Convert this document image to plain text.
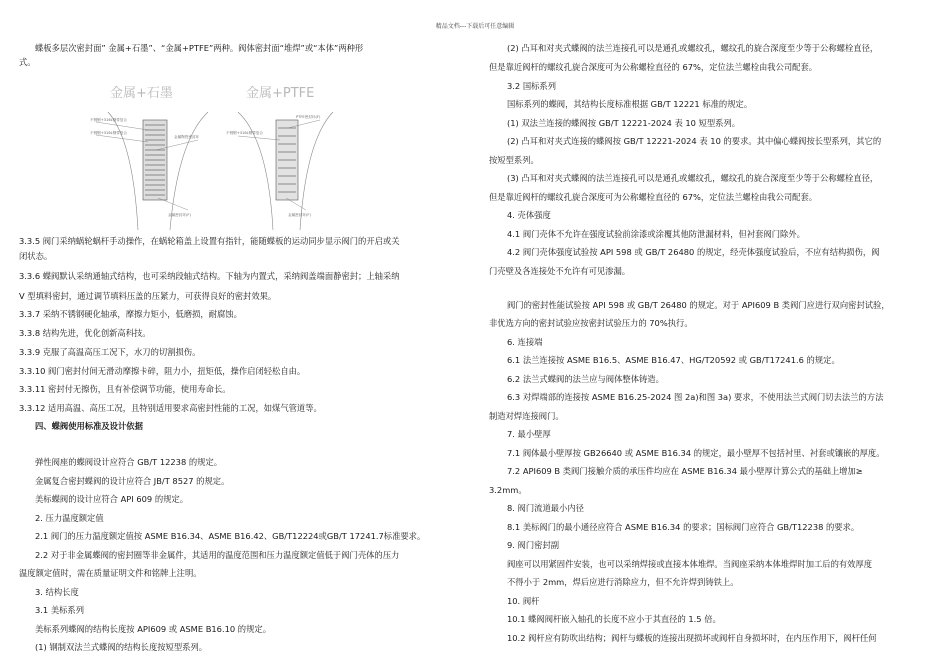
精品文档---下载后可任意编辑

蝶板多层次密封面” 金属+石墨”、“金属+PTFE”两种。阀体密封面“堆焊”或“本体”两种形

式。

金属+石墨	金属+PTFE
不锈钢+316L钢带复合
不锈钢+316L钢带复合
金属陶瓷密封环
金属密封环(F)
PTFE密封环(F)
不锈钢+316L钢带复合
金属密封环(F)

3.3.5 阀门采纳蜗轮蜗杆手动操作，在蜗轮箱盖上设置有指针，能随蝶板的运动同步显示阀门的开启或关

闭状态。

3.3.6 蝶阀默认采纳通轴式结构，也可采纳段轴式结构。下轴为内置式，采纳阀盖端面静密封；上轴采纳

V 型填料密封，通过调节填料压盖的压紧力，可获得良好的密封效果。

3.3.7 采纳不锈钢硬化轴承，摩擦力矩小，低磨损，耐腐蚀。

3.3.8 结构先进，优化创新高科技。

3.3.9 克服了高温高压工况下，水刀的切割损伤。

3.3.10 阀门密封付间无滑动摩擦卡碎，阻力小，扭矩低，操作启闭轻松自由。

3.3.11 密封付无擦伤，且有补偿调节功能，使用寿命长。

3.3.12 适用高温、高压工况，且特别适用要求高密封性能的工况，如煤气管道等。

四、蝶阀使用标准及设计依据

弹性阀座的蝶阀设计应符合 GB/T 12238 的规定。

金属复合密封蝶阀的设计应符合 JB/T 8527 的规定。

美标蝶阀的设计应符合 API 609 的规定。

2. 压力温度额定值

2.1 阀门的压力温度额定值按 ASME B16.34、ASME B16.42、GB/T12224或GB/T 17241.7标准要求。

2.2 对于非金属蝶阀的密封圈等非金属件，其适用的温度范围和压力温度额定值低于阀门壳体的压力

温度额定值时，需在质量证明文件和铭牌上注明。

3. 结构长度

3.1 美标系列

美标系列蝶阀的结构长度按 API609 或 ASME B16.10 的规定。

(1) 钢制双法兰式蝶阀的结构长度按短型系列。

(2) 凸耳和对夹式蝶阀的法兰连接孔可以是通孔或螺纹孔，螺纹孔的旋合深度至少等于公称螺栓直径，

但是靠近阀杆的螺纹孔旋合深度可为公称螺栓直径的 67%，定位法兰螺栓由我公司配套。

3.2 国标系列

国标系列的蝶阀，其结构长度标准根据 GB/T 12221 标准的规定。

(1) 双法兰连接的蝶阀按 GB/T 12221-2024 表 10 短型系列。

(2) 凸耳和对夹式连接的蝶阀按 GB/T 12221-2024 表 10 的要求。其中偏心蝶阀按长型系列，其它的

按短型系列。

(3) 凸耳和对夹式蝶阀的法兰连接孔可以是通孔或螺纹孔，螺纹孔的旋合深度至少等于公称螺栓直径，

但是靠近阀杆的螺纹孔旋合深度可为公称螺栓直径的 67%，定位法兰螺栓由我公司配套。

4. 壳体强度

4.1 阀门壳体不允许在强度试验前涂漆或涂覆其他防泄漏材料，但衬套阀门除外。

4.2 阀门壳体强度试验按 API 598 或 GB/T 26480 的规定，经壳体强度试验后，不应有结构损伤，阀

门壳壁及各连接处不允许有可见渗漏。

阀门的密封性能试验按 API 598 或 GB/T 26480 的规定。对于 API609 B 类阀门应进行双向密封试验，

非优选方向的密封试验应按密封试验压力的 70%执行。

6. 连接端

6.1 法兰连接按 ASME B16.5、ASME B16.47、HG/T20592 或 GB/T17241.6 的规定。

6.2 法兰式蝶阀的法兰应与阀体整体铸造。

6.3 对焊端部的连接按 ASME B16.25-2024 图 2a)和图 3a) 要求，不使用法兰式阀门切去法兰的方法

制造对焊连接阀门。

7. 最小壁厚

7.1 阀体最小壁厚按 GB26640 或 ASME B16.34 的规定，最小壁厚不包括衬里、衬套或镶嵌的厚度。

7.2 API609 B 类阀门接触介质的承压件均应在 ASME B16.34 最小壁厚计算公式的基础上增加≥

3.2mm。

8. 阀门流道最小内径

8.1 美标阀门的最小通径应符合 ASME B16.34 的要求；国标阀门应符合 GB/T12238 的要求。

9. 阀门密封副

阀座可以用紧固件安装，也可以采纳焊接或直接本体堆焊。当阀座采纳本体堆焊时加工后的有效厚度

不得小于 2mm，焊后应进行消除应力，但不允许焊到铸铁上。

10. 阀杆

10.1 蝶阀阀杆嵌入轴孔的长度不应小于其直径的 1.5 倍。

10.2 阀杆应有防吹出结构；阀杆与蝶板的连接出现损坏或阀杆自身损坏时，在内压作用下，阀杆任何
